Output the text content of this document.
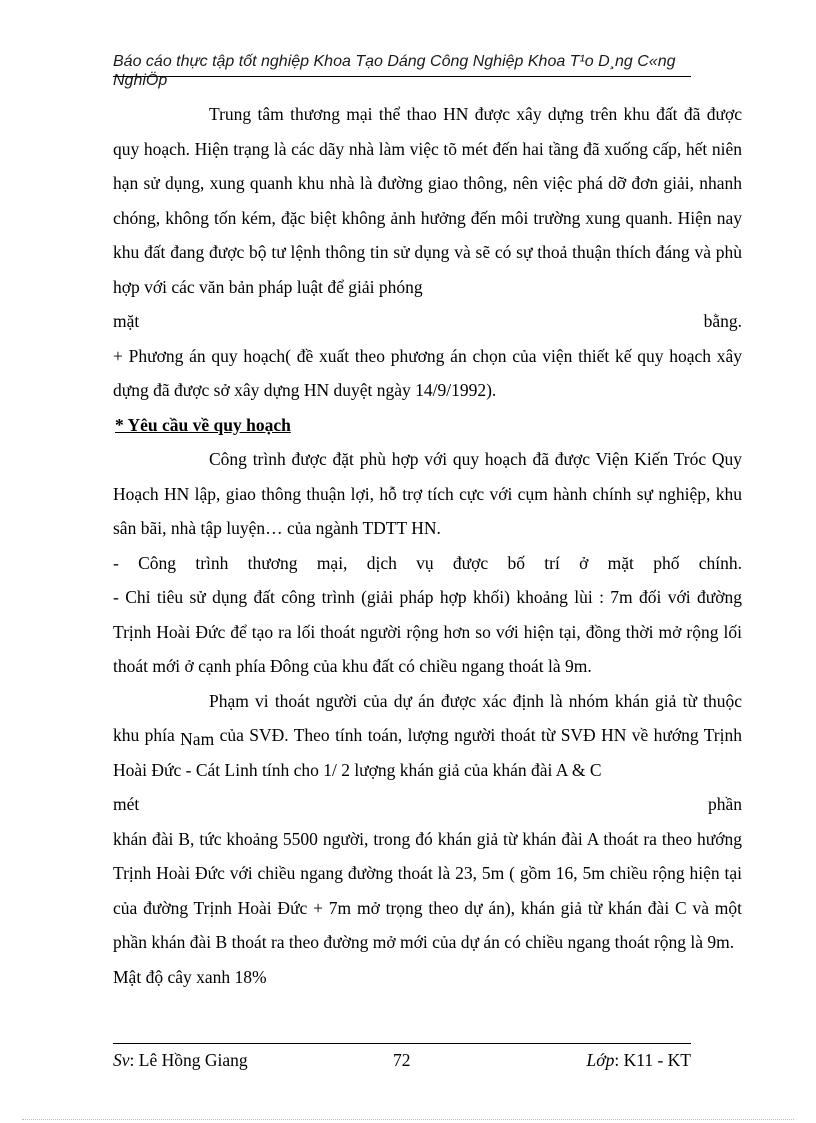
Báo cáo thực tập tốt nghiệp Khoa Tạo Dáng Công Nghiệp Khoa T¹o D¸ng C«ng NghiÖp

Trung tâm thương mại thể thao HN được xây dựng trên khu đất đã được quy hoạch. Hiện trạng là các dãy nhà làm việc tõ mét đến hai tầng đã xuống cấp, hết niên hạn sử dụng, xung quanh khu nhà là đường giao thông, nên việc phá dỡ đơn giải, nhanh chóng, không tốn kém, đặc biệt không ảnh hưởng đến môi trường xung quanh. Hiện nay khu đất đang được bộ tư lệnh thông tin sử dụng và sẽ có sự thoả thuận thích đáng và phù hợp với các văn bản pháp luật để giải phóng

mặt bằng.

+ Phương án quy hoạch( đề xuất theo phương án chọn của viện thiết kế quy hoạch xây dựng đã được sở xây dựng HN duyệt ngày 14/9/1992).

* Yêu cầu về quy hoạch

Công trình được đặt phù hợp với quy hoạch đã được Viện Kiến Tróc Quy Hoạch HN lập, giao thông thuận lợi, hỗ trợ tích cực với cụm hành chính sự nghiệp, khu sân bãi, nhà tập luyện… của ngành TDTT HN.

- Công trình thương mại, dịch vụ được bố trí ở mặt phố chính.

- Chỉ tiêu sử dụng đất công trình (giải pháp hợp khối) khoảng lùi : 7m đối với đường Trịnh Hoài Đức để tạo ra lối thoát người rộng hơn so với hiện tại, đồng thời mở rộng lối thoát mới ở cạnh phía Đông của khu đất có chiều ngang thoát là 9m.

Phạm vi thoát người của dự án được xác định là nhóm khán giả từ thuộc khu phía Nam của SVĐ. Theo tính toán, lượng người thoát từ SVĐ HN về hướng Trịnh Hoài Đức - Cát Linh tính cho 1/ 2 lượng khán giả của khán đài A & C

mét phần

khán đài B, tức khoảng 5500 người, trong đó khán giả từ khán đài A thoát ra theo hướng Trịnh Hoài Đức với chiều ngang đường thoát là 23, 5m ( gồm 16, 5m chiều rộng hiện tại của đường Trịnh Hoài Đức + 7m mở trọng theo dự án), khán giả từ khán đài C và một phần khán đài B thoát ra theo đường mở mới của dự án có chiều ngang thoát rộng là 9m.

Mật độ cây xanh 18%

Sv: Lê Hồng Giang	72	Lớp: K11 - KT
